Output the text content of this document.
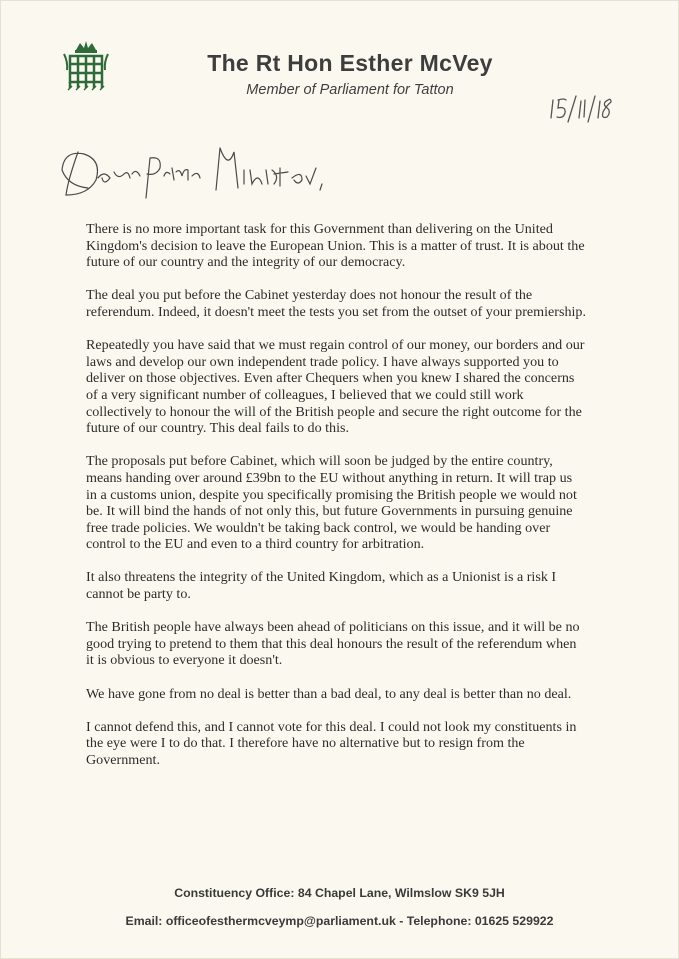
The Rt Hon Esther McVey
Member of Parliament for Tatton

There is no more important task for this Government than delivering on the United Kingdom's decision to leave the European Union. This is a matter of trust. It is about the future of our country and the integrity of our democracy.

The deal you put before the Cabinet yesterday does not honour the result of the referendum. Indeed, it doesn't meet the tests you set from the outset of your premiership.

Repeatedly you have said that we must regain control of our money, our borders and our laws and develop our own independent trade policy. I have always supported you to deliver on those objectives. Even after Chequers when you knew I shared the concerns of a very significant number of colleagues, I believed that we could still work collectively to honour the will of the British people and secure the right outcome for the future of our country. This deal fails to do this.

The proposals put before Cabinet, which will soon be judged by the entire country, means handing over around £39bn to the EU without anything in return. It will trap us in a customs union, despite you specifically promising the British people we would not be. It will bind the hands of not only this, but future Governments in pursuing genuine free trade policies. We wouldn't be taking back control, we would be handing over control to the EU and even to a third country for arbitration.

It also threatens the integrity of the United Kingdom, which as a Unionist is a risk I cannot be party to.

The British people have always been ahead of politicians on this issue, and it will be no good trying to pretend to them that this deal honours the result of the referendum when it is obvious to everyone it doesn't.

We have gone from no deal is better than a bad deal, to any deal is better than no deal.

I cannot defend this, and I cannot vote for this deal. I could not look my constituents in the eye were I to do that. I therefore have no alternative but to resign from the Government.

Constituency Office: 84 Chapel Lane, Wilmslow SK9 5JH
Email: officeofesthermcveymp@parliament.uk - Telephone: 01625 529922
